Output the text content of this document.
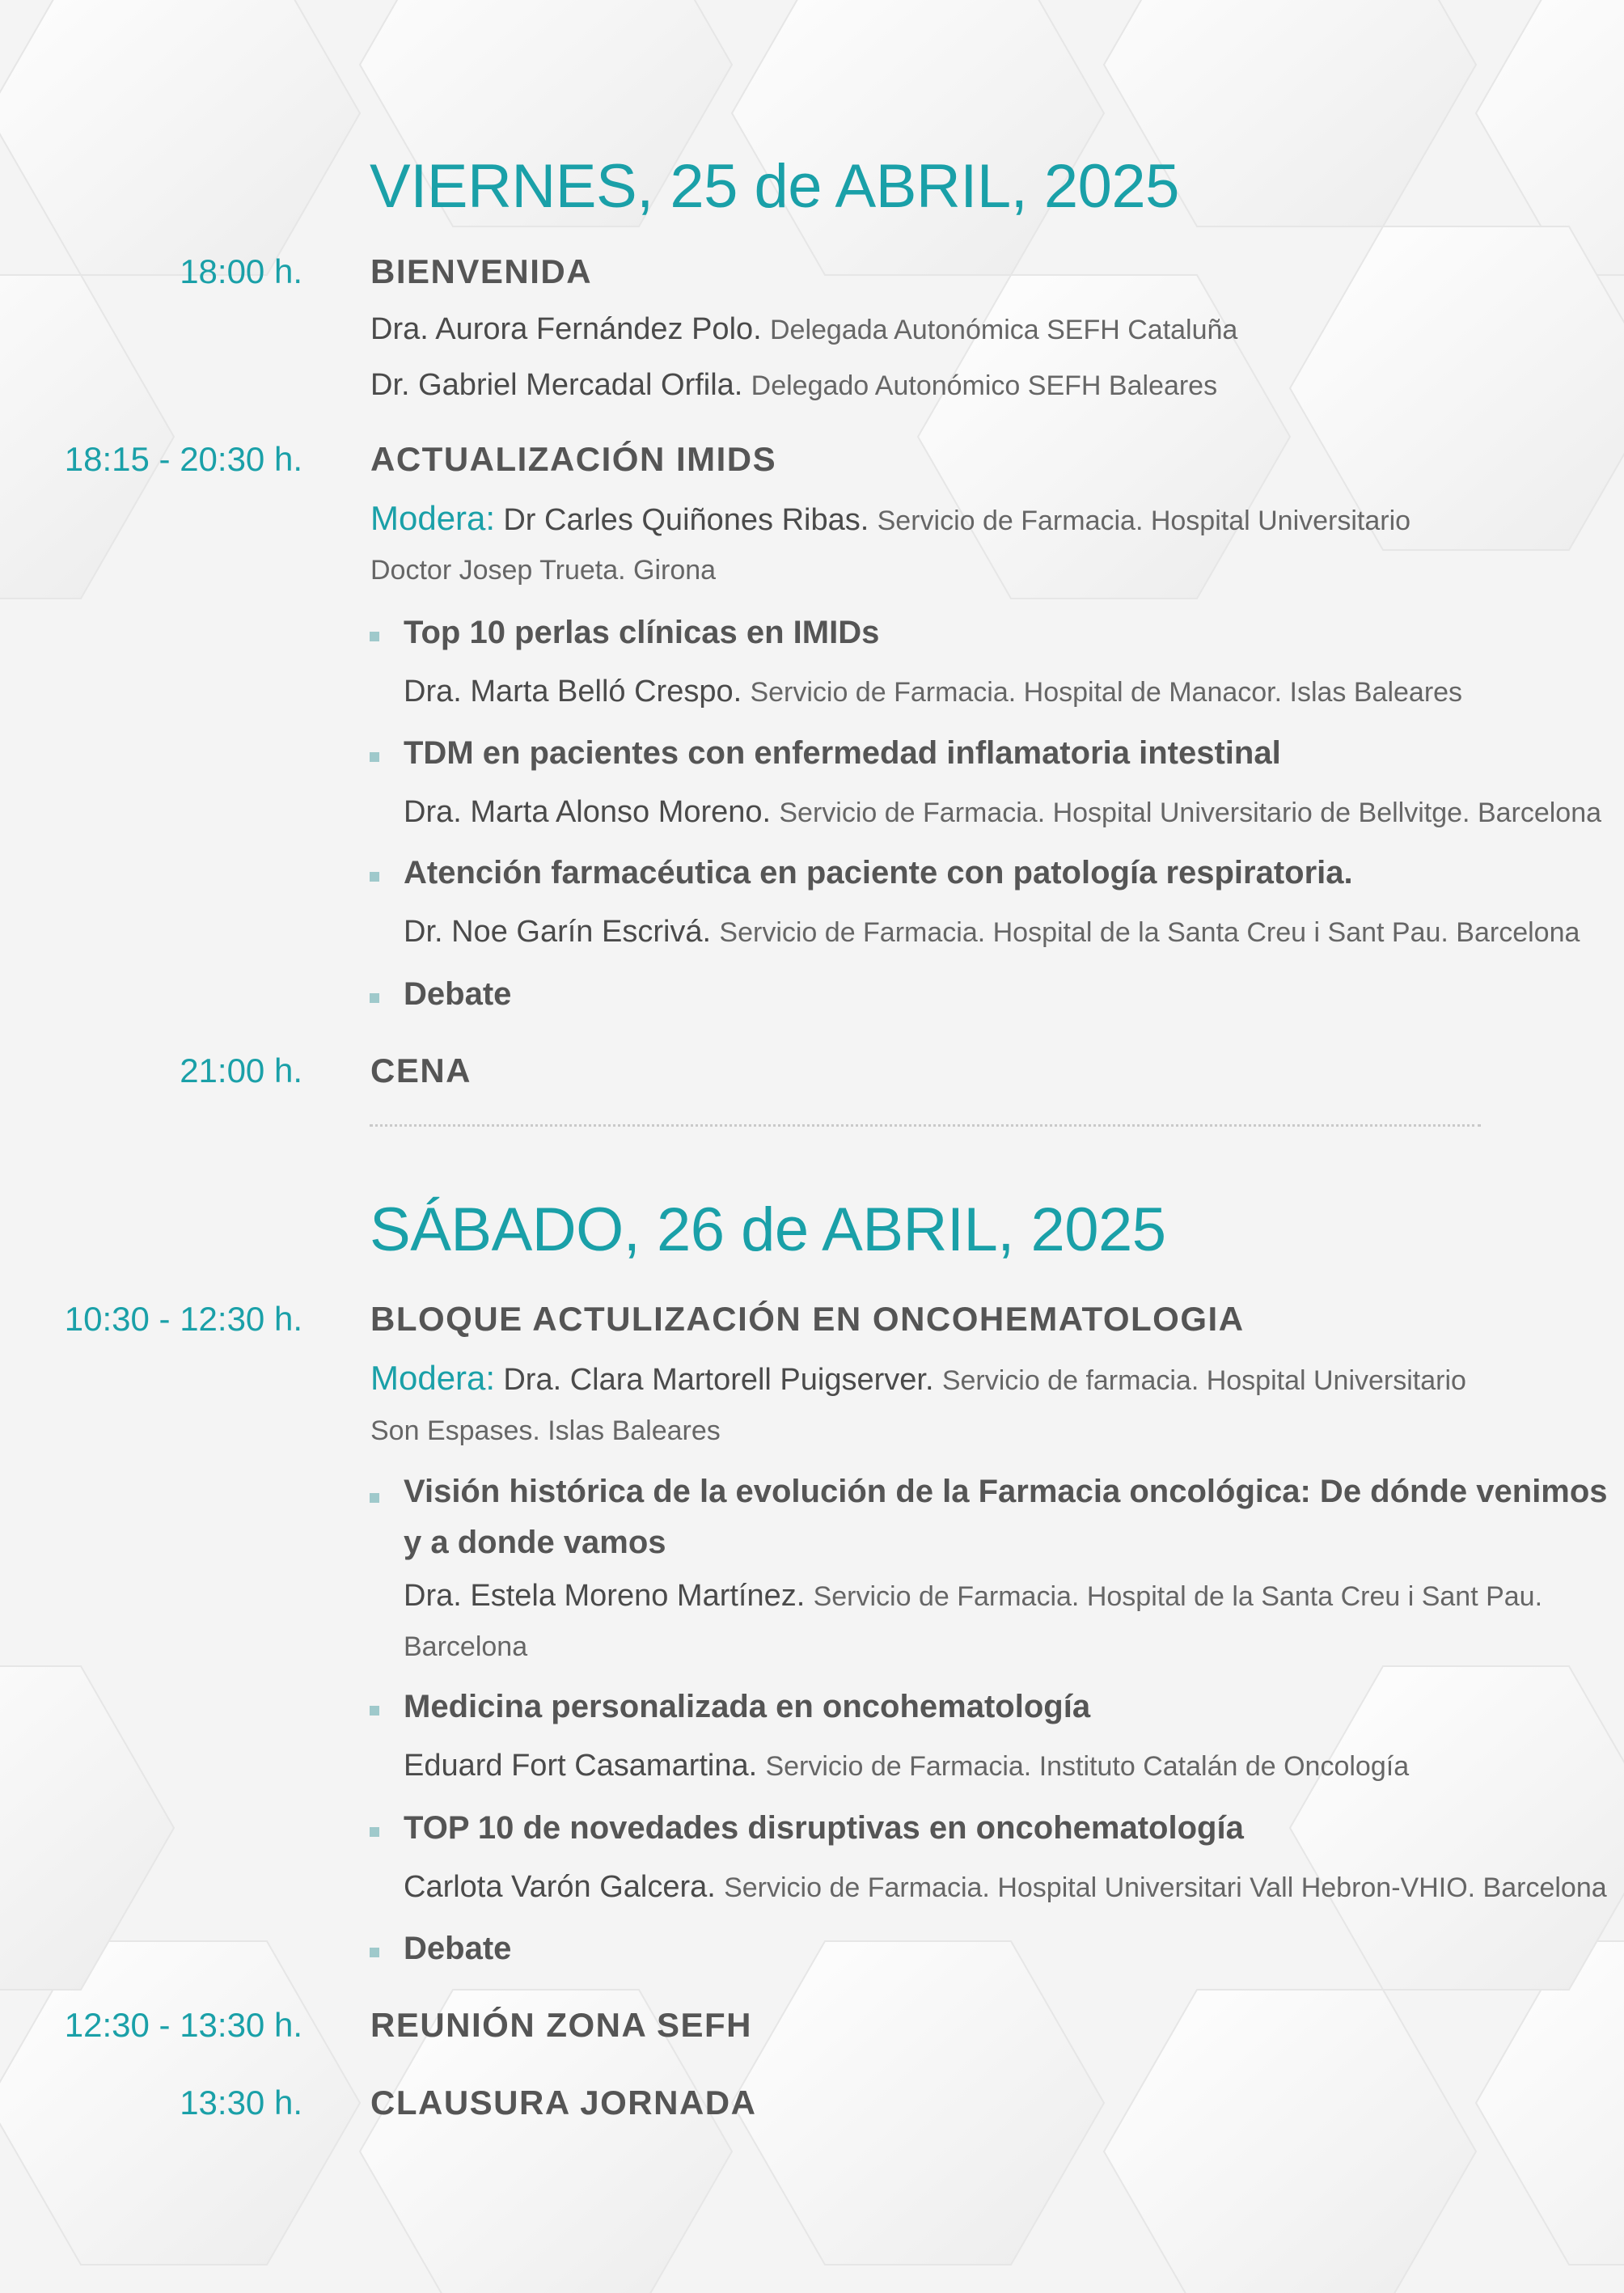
VIERNES, 25 de ABRIL, 2025
18:00 h. BIENVENIDA
Dra. Aurora Fernández Polo. Delegada Autonómica SEFH Cataluña
Dr. Gabriel Mercadal Orfila. Delegado Autonómico SEFH Baleares
18:15 - 20:30 h. ACTUALIZACIÓN IMIDS
Modera: Dr Carles Quiñones Ribas. Servicio de Farmacia. Hospital Universitario
Doctor Josep Trueta. Girona
Top 10 perlas clínicas en IMIDs
Dra. Marta Belló Crespo. Servicio de Farmacia. Hospital de Manacor. Islas Baleares
TDM en pacientes con enfermedad inflamatoria intestinal
Dra. Marta Alonso Moreno. Servicio de Farmacia. Hospital Universitario de Bellvitge. Barcelona
Atención farmacéutica en paciente con patología respiratoria.
Dr. Noe Garín Escrivá. Servicio de Farmacia. Hospital de la Santa Creu i Sant Pau. Barcelona
Debate
21:00 h. CENA
SÁBADO, 26 de ABRIL, 2025
10:30 - 12:30 h. BLOQUE ACTULIZACIÓN EN ONCOHEMATOLOGIA
Modera: Dra. Clara Martorell Puigserver. Servicio de farmacia. Hospital Universitario
Son Espases. Islas Baleares
Visión histórica de la evolución de la Farmacia oncológica: De dónde venimos
y a donde vamos
Dra. Estela Moreno Martínez. Servicio de Farmacia. Hospital de la Santa Creu i Sant Pau.
Barcelona
Medicina personalizada en oncohematología
Eduard Fort Casamartina. Servicio de Farmacia. Instituto Catalán de Oncología
TOP 10 de novedades disruptivas en oncohematología
Carlota Varón Galcera. Servicio de Farmacia. Hospital Universitari Vall Hebron-VHIO. Barcelona
Debate
12:30 - 13:30 h. REUNIÓN ZONA SEFH
13:30 h. CLAUSURA JORNADA
